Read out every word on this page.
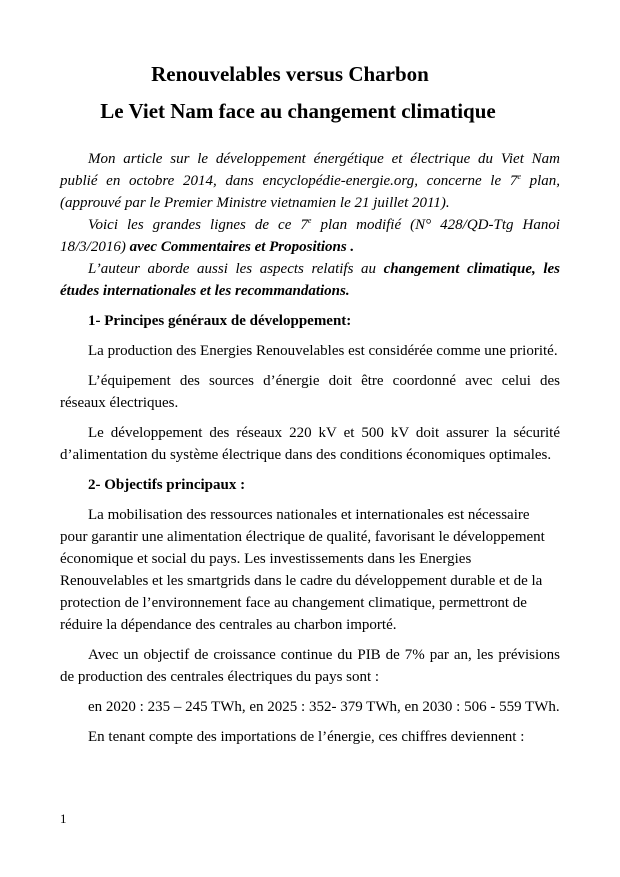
Renouvelables versus Charbon
Le Viet Nam face au changement climatique

Mon article sur le développement énergétique et électrique du Viet Nam publié en octobre 2014, dans encyclopédie-energie.org, concerne le 7e plan, (approuvé par le Premier Ministre vietnamien le 21 juillet 2011).

Voici les grandes lignes de ce 7e plan modifié (N° 428/QD-Ttg Hanoi 18/3/2016) avec Commentaires et Propositions .

L’auteur aborde aussi les aspects relatifs au changement climatique, les études internationales et les recommandations.

1- Principes généraux de développement:

La production des Energies Renouvelables est considérée comme une priorité.

L’équipement des sources d’énergie doit être coordonné avec celui des réseaux électriques.

Le développement des réseaux 220 kV et 500 kV doit assurer la sécurité d’alimentation du système électrique dans des conditions économiques optimales.

2- Objectifs principaux :

La mobilisation des ressources nationales et internationales est nécessaire pour garantir une alimentation électrique de qualité, favorisant le développement économique et social du pays. Les investissements dans les Energies Renouvelables et les smartgrids dans le cadre du développement durable et de la protection de l’environnement face au changement climatique, permettront de réduire la dépendance des centrales au charbon importé.

Avec un objectif de croissance continue du PIB de 7% par an, les prévisions de production des centrales électriques du pays sont :

en 2020 : 235 – 245 TWh, en 2025 : 352- 379 TWh, en 2030 : 506 - 559 TWh.

En tenant compte des importations de l’énergie, ces chiffres deviennent :

1
